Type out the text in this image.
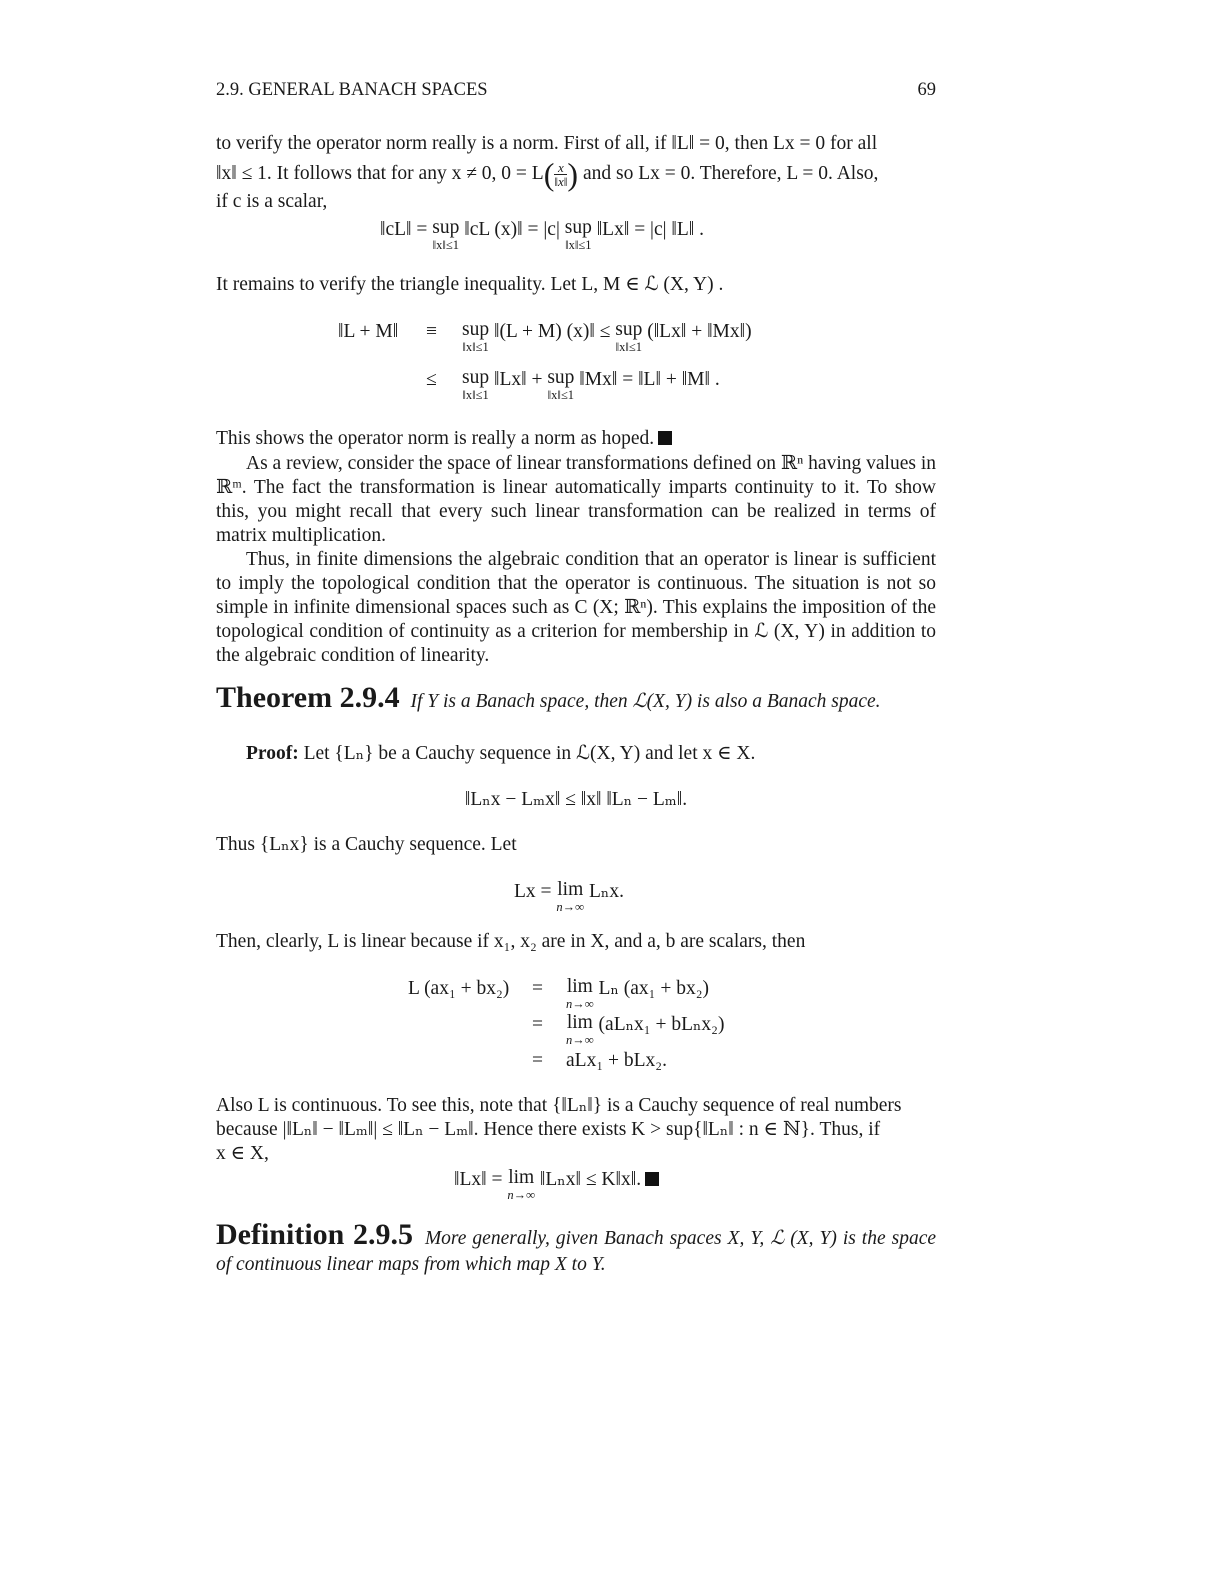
2.9. GENERAL BANACH SPACES	69
to verify the operator norm really is a norm. First of all, if ‖L‖ = 0, then Lx = 0 for all
‖x‖ ≤ 1. It follows that for any x ≠ 0, $0 = L( \frac{x}{‖x‖}$ ) and so Lx = 0. Therefore, L = 0. Also,
if c is a scalar,
‖cL‖ = sup
‖x‖≤1
‖cL (x)‖ = |c| sup
‖x‖≤1
‖Lx‖ = |c| ‖L‖ .
It remains to verify the triangle inequality. Let L, M ∈ ℒ (X, Y) .
‖L + M‖ ≡ sup
‖x‖≤1
‖(L + M) (x)‖ ≤ sup
‖x‖≤1
(‖Lx‖ + ‖Mx‖)
≤ sup
‖x‖≤1
‖Lx‖ + sup
‖x‖≤1
‖Mx‖ = ‖L‖ + ‖M‖ .
This shows the operator norm is really a norm as hoped.
As a review, consider the space of linear transformations defined on ℝⁿ having values in ℝᵐ. The fact the transformation is linear automatically imparts continuity to it. To show this, you might recall that every such linear transformation can be realized in terms of matrix multiplication.
Thus, in finite dimensions the algebraic condition that an operator is linear is sufficient to imply the topological condition that the operator is continuous. The situation is not so simple in infinite dimensional spaces such as C (X; ℝⁿ). This explains the imposition of the topological condition of continuity as a criterion for membership in ℒ (X, Y) in addition to the algebraic condition of linearity.
Theorem 2.9.4 If Y is a Banach space, then ℒ(X, Y) is also a Banach space.
Proof: Let {Lₙ} be a Cauchy sequence in ℒ(X, Y) and let x ∈ X.
‖Lₙx − Lₘx‖ ≤ ‖x‖ ‖Lₙ − Lₘ‖.
Thus {Lₙx} is a Cauchy sequence. Let
Lx = lim
n→∞
Lₙx.
Then, clearly, L is linear because if x₁, x₂ are in X, and a, b are scalars, then
L (ax₁ + bx₂) = lim
n→∞
Lₙ (ax₁ + bx₂)
= lim
n→∞
(aLₙx₁ + bLₙx₂)
= aLx₁ + bLx₂.
Also L is continuous. To see this, note that {‖Lₙ‖} is a Cauchy sequence of real numbers
because |‖Lₙ‖ − ‖Lₘ‖| ≤ ‖Lₙ − Lₘ‖. Hence there exists K > sup{‖Lₙ‖ : n ∈ ℕ}. Thus, if
x ∈ X,
‖Lx‖ = lim
n→∞
‖Lₙx‖ ≤ K‖x‖.
Definition 2.9.5 More generally, given Banach spaces X, Y, ℒ (X, Y) is the space of continuous linear maps from which map X to Y.
